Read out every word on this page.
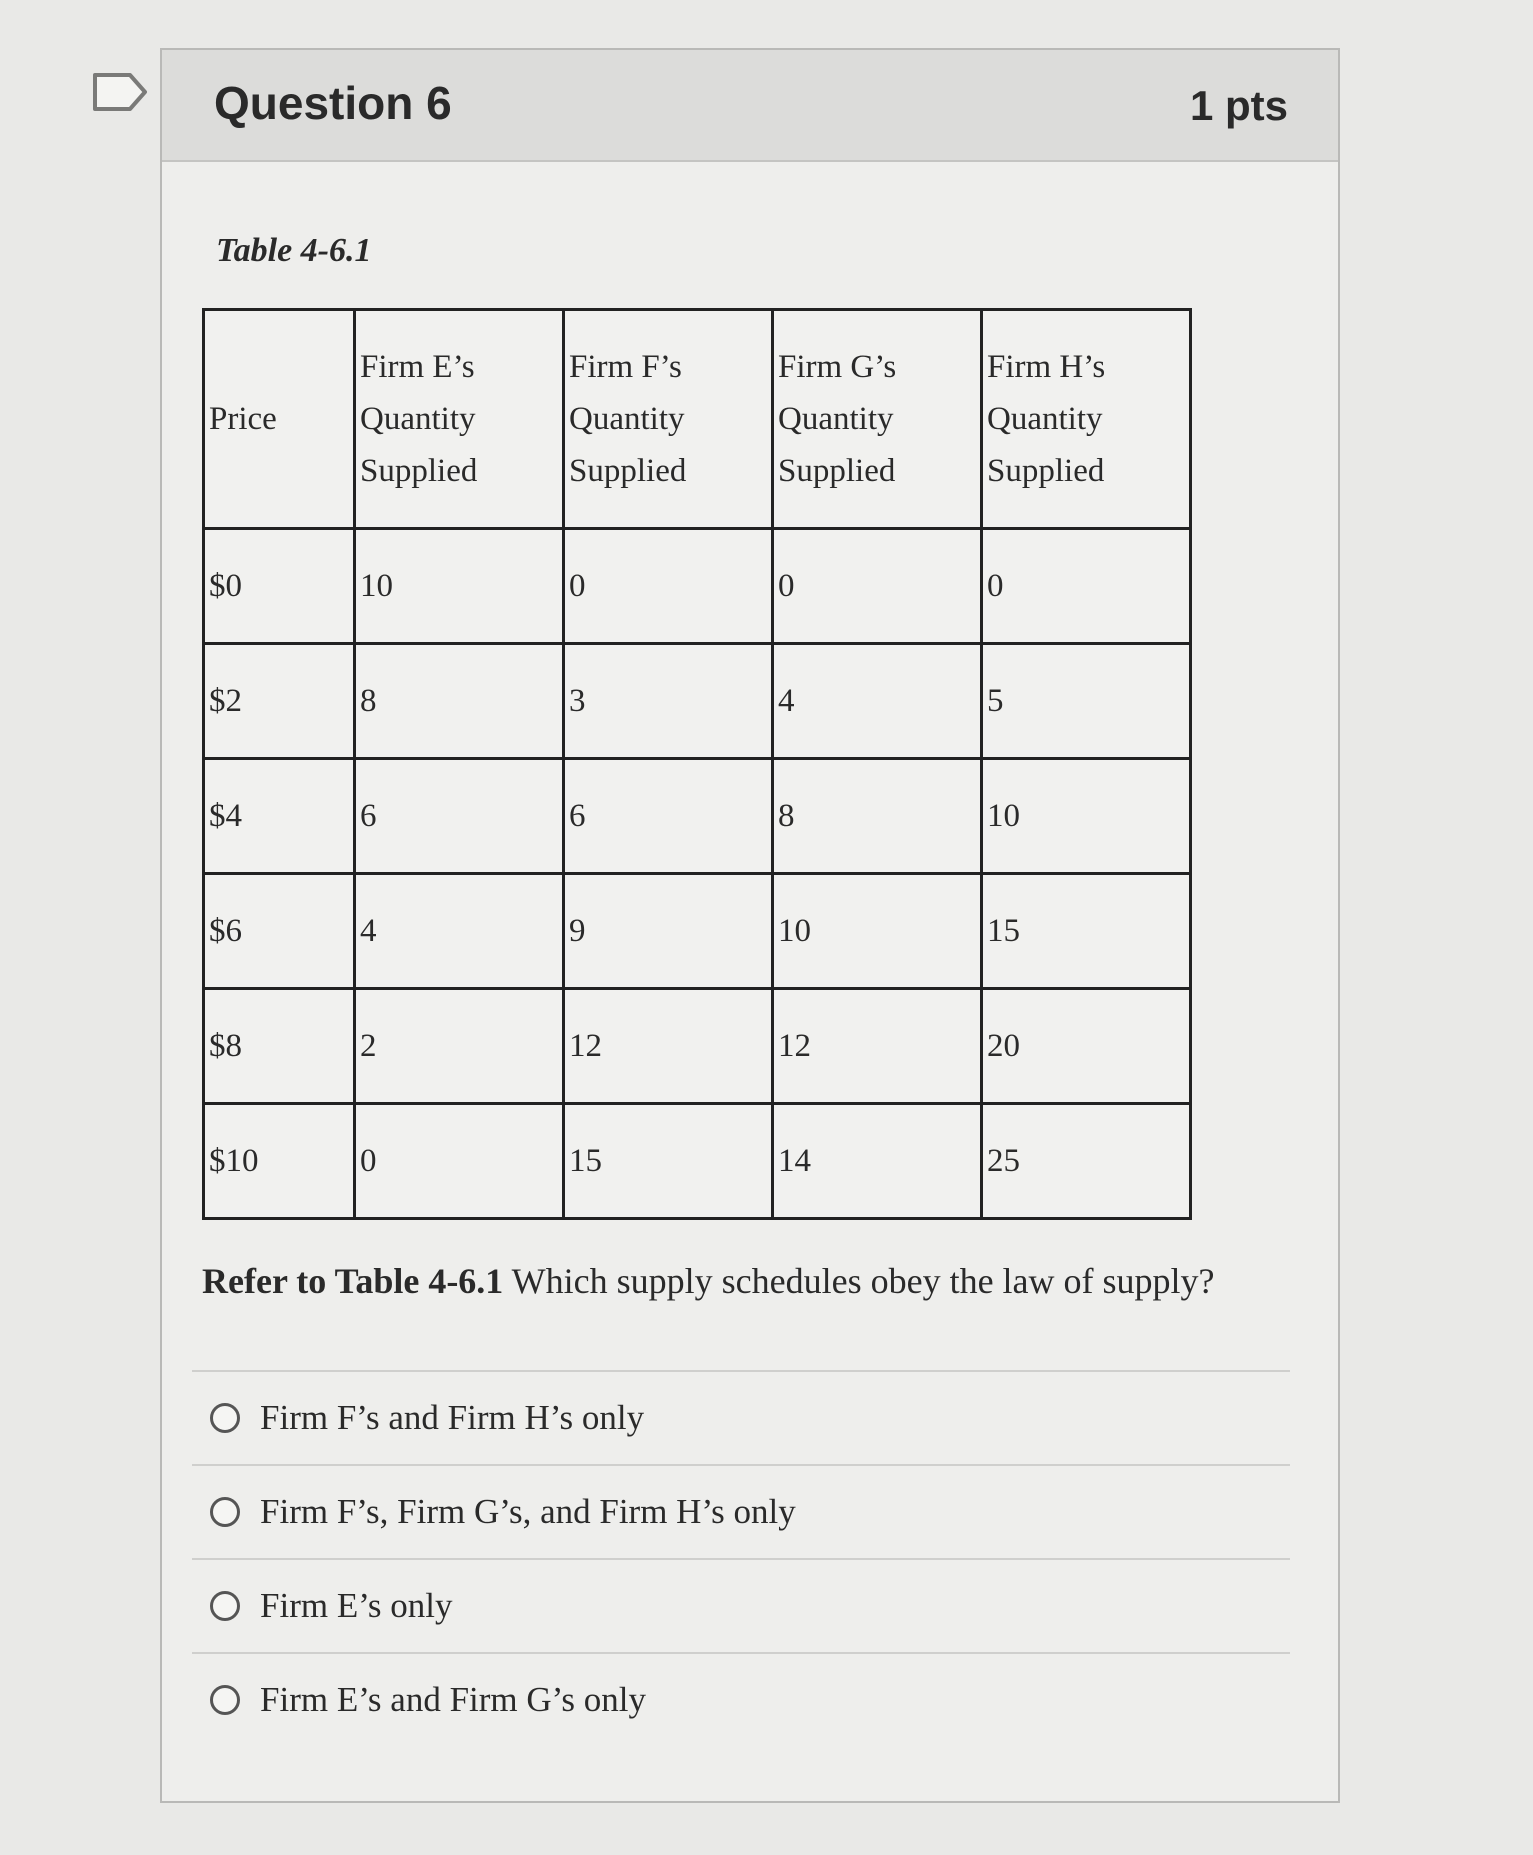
Question 6	1 pts
Table 4-6.1
Price	Firm E’s Quantity Supplied	Firm F’s Quantity Supplied	Firm G’s Quantity Supplied	Firm H’s Quantity Supplied
$0	10	0	0	0
$2	8	3	4	5
$4	6	6	8	10
$6	4	9	10	15
$8	2	12	12	20
$10	0	15	14	25
Refer to Table 4-6.1 Which supply schedules obey the law of supply?
Firm F’s and Firm H’s only
Firm F’s, Firm G’s, and Firm H’s only
Firm E’s only
Firm E’s and Firm G’s only
